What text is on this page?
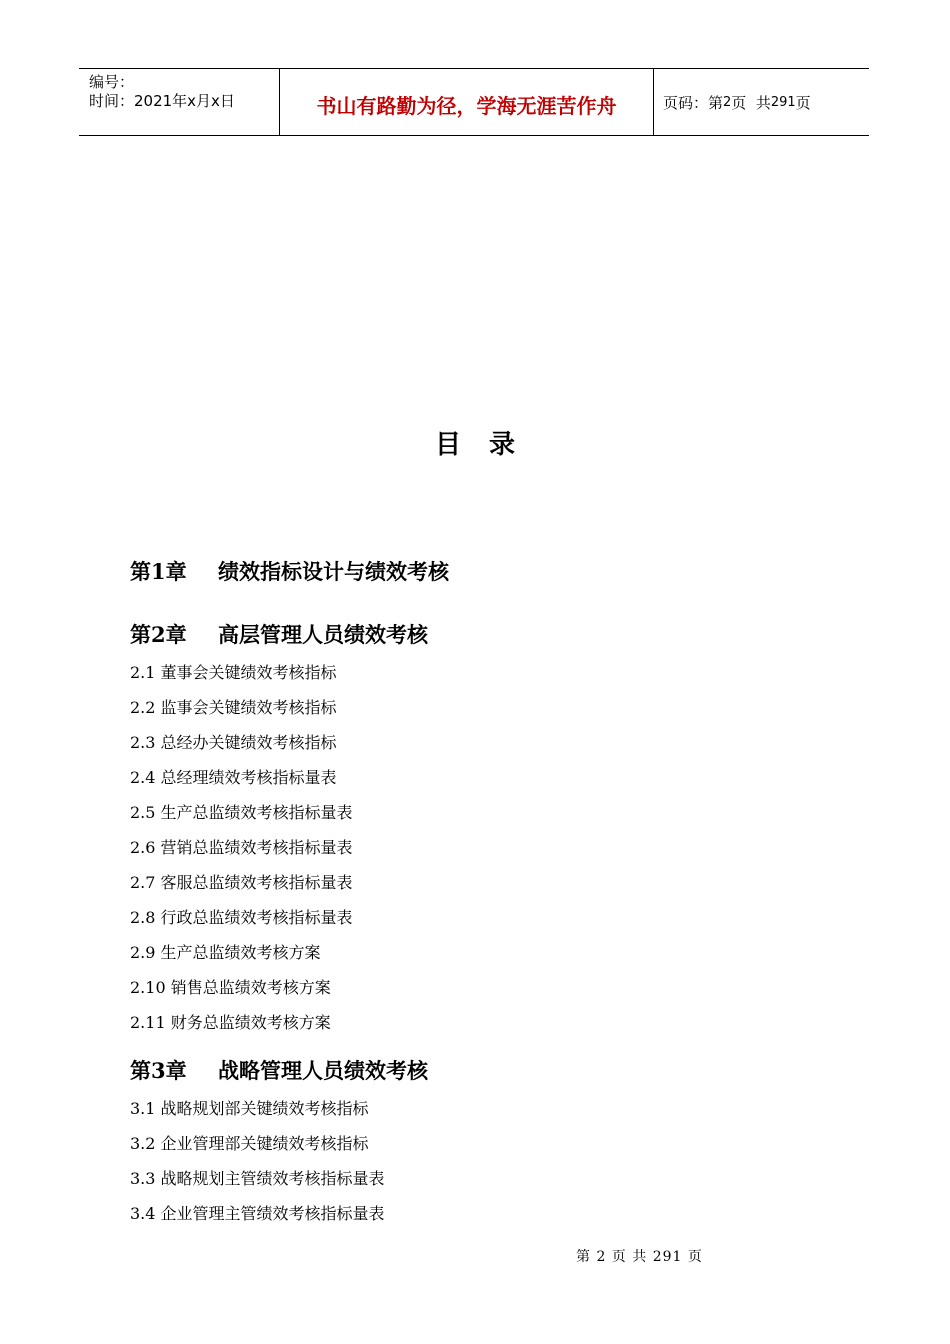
编号：
时间：2021年x月x日	书山有路勤为径，学海无涯苦作舟	页码：第 2 页  共 291 页
目录
第1章 绩效指标设计与绩效考核
第2章 高层管理人员绩效考核
2.1 董事会关键绩效考核指标
2.2 监事会关键绩效考核指标
2.3 总经办关键绩效考核指标
2.4 总经理绩效考核指标量表
2.5 生产总监绩效考核指标量表
2.6 营销总监绩效考核指标量表
2.7 客服总监绩效考核指标量表
2.8 行政总监绩效考核指标量表
2.9 生产总监绩效考核方案
2.10 销售总监绩效考核方案
2.11 财务总监绩效考核方案
第3章 战略管理人员绩效考核
3.1 战略规划部关键绩效考核指标
3.2 企业管理部关键绩效考核指标
3.3 战略规划主管绩效考核指标量表
3.4 企业管理主管绩效考核指标量表
第 2 页 共 291 页
